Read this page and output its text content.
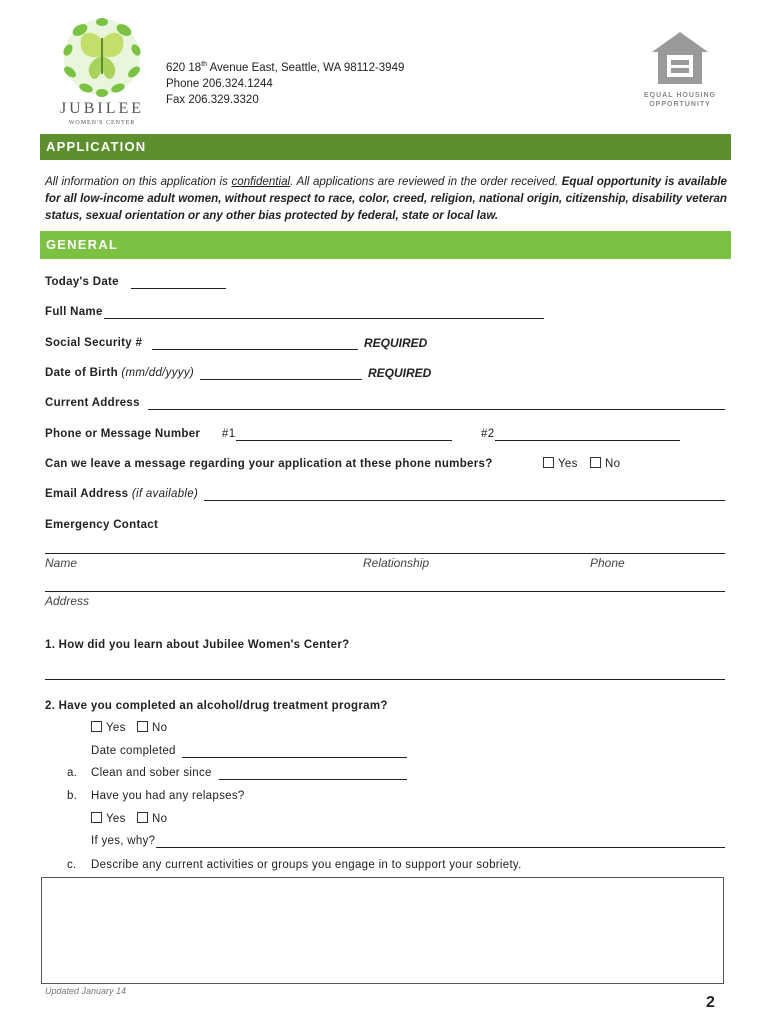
JUBILEE
WOMEN'S CENTER
620 18th Avenue East, Seattle, WA 98112-3949
Phone 206.324.1244
Fax 206.329.3320	EQUAL HOUSING
OPPORTUNITY
APPLICATION
All information on this application is confidential. All applications are reviewed in the order received. Equal opportunity is available for all low-income adult women, without respect to race, color, creed, religion, national origin, citizenship, disability veteran status, sexual orientation or any other bias protected by federal, state or local law.
GENERAL
Today's Date
Full Name
Social Security #	REQUIRED
Date of Birth (mm/dd/yyyy)	REQUIRED
Current Address
Phone or Message Number #1	#2
Can we leave a message regarding your application at these phone numbers?	Yes	No
Email Address (if available)
Emergency Contact
Name	Relationship	Phone
Address
1. How did you learn about Jubilee Women's Center?
2. Have you completed an alcohol/drug treatment program?
Yes	No
Date completed
a. Clean and sober since
b. Have you had any relapses?
Yes	No
If yes, why?
c. Describe any current activities or groups you engage in to support your sobriety.
Updated January 14
2
